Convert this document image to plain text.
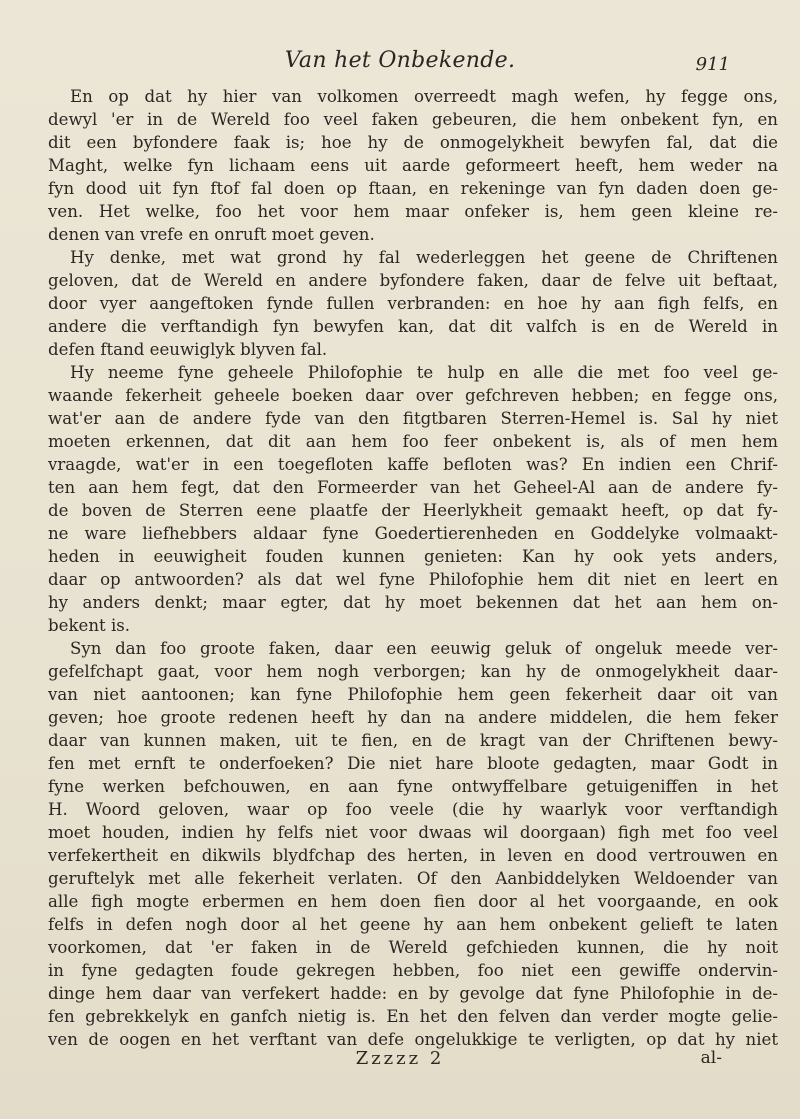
Van het Onbekende.	911
En op dat hy hier van volkomen overreedt magh wefen, hy fegge ons,
dewyl 'er in de Wereld foo veel faken gebeuren, die hem onbekent fyn, en
dit een byfondere faak is; hoe hy de onmogelykheit bewyfen fal, dat die
Maght, welke fyn lichaam eens uit aarde geformeert heeft, hem weder na
fyn dood uit fyn ftof fal doen op ftaan, en rekeninge van fyn daden doen ge-
ven. Het welke, foo het voor hem maar onfeker is, hem geen kleine re-
denen van vrefe en onruft moet geven.
Hy denke, met wat grond hy fal wederleggen het geene de Chriftenen
geloven, dat de Wereld en andere byfondere faken, daar de felve uit beftaat,
door vyer aangeftoken fynde fullen verbranden: en hoe hy aan figh felfs, en
andere die verftandigh fyn bewyfen kan, dat dit valfch is en de Wereld in
defen ftand eeuwiglyk blyven fal.
Hy neeme fyne geheele Philofophie te hulp en alle die met foo veel ge-
waande fekerheit geheele boeken daar over gefchreven hebben; en fegge ons,
wat'er aan de andere fyde van den fitgtbaren Sterren-Hemel is. Sal hy niet
moeten erkennen, dat dit aan hem foo feer onbekent is, als of men hem
vraagde, wat'er in een toegefloten kaffe befloten was? En indien een Chrif-
ten aan hem fegt, dat den Formeerder van het Geheel-Al aan de andere fy-
de boven de Sterren eene plaatfe der Heerlykheit gemaakt heeft, op dat fy-
ne ware liefhebbers aldaar fyne Goedertierenheden en Goddelyke volmaakt-
heden in eeuwigheit fouden kunnen genieten: Kan hy ook yets anders,
daar op antwoorden? als dat wel fyne Philofophie hem dit niet en leert en
hy anders denkt; maar egter, dat hy moet bekennen dat het aan hem on-
bekent is.
Syn dan foo groote faken, daar een eeuwig geluk of ongeluk meede ver-
gefelfchapt gaat, voor hem nogh verborgen; kan hy de onmogelykheit daar-
van niet aantoonen; kan fyne Philofophie hem geen fekerheit daar oit van
geven; hoe groote redenen heeft hy dan na andere middelen, die hem feker
daar van kunnen maken, uit te fien, en de kragt van der Chriftenen bewy-
fen met ernft te onderfoeken? Die niet hare bloote gedagten, maar Godt in
fyne werken befchouwen, en aan fyne ontwyffelbare getuigeniffen in het
H. Woord geloven, waar op foo veele (die hy waarlyk voor verftandigh
moet houden, indien hy felfs niet voor dwaas wil doorgaan) figh met foo veel
verfekertheit en dikwils blydfchap des herten, in leven en dood vertrouwen en
geruftelyk met alle fekerheit verlaten. Of den Aanbiddelyken Weldoender van
alle figh mogte erbermen en hem doen fien door al het voorgaande, en ook
felfs in defen nogh door al het geene hy aan hem onbekent gelieft te laten
voorkomen, dat 'er faken in de Wereld gefchieden kunnen, die hy noit
in fyne gedagten foude gekregen hebben, foo niet een gewiffe ondervin-
dinge hem daar van verfekert hadde: en by gevolge dat fyne Philofophie in de-
fen gebrekkelyk en ganfch nietig is. En het den felven dan verder mogte gelie-
ven de oogen en het verftant van defe ongelukkige te verligten, op dat hy niet
Zzzzz 2	al-
